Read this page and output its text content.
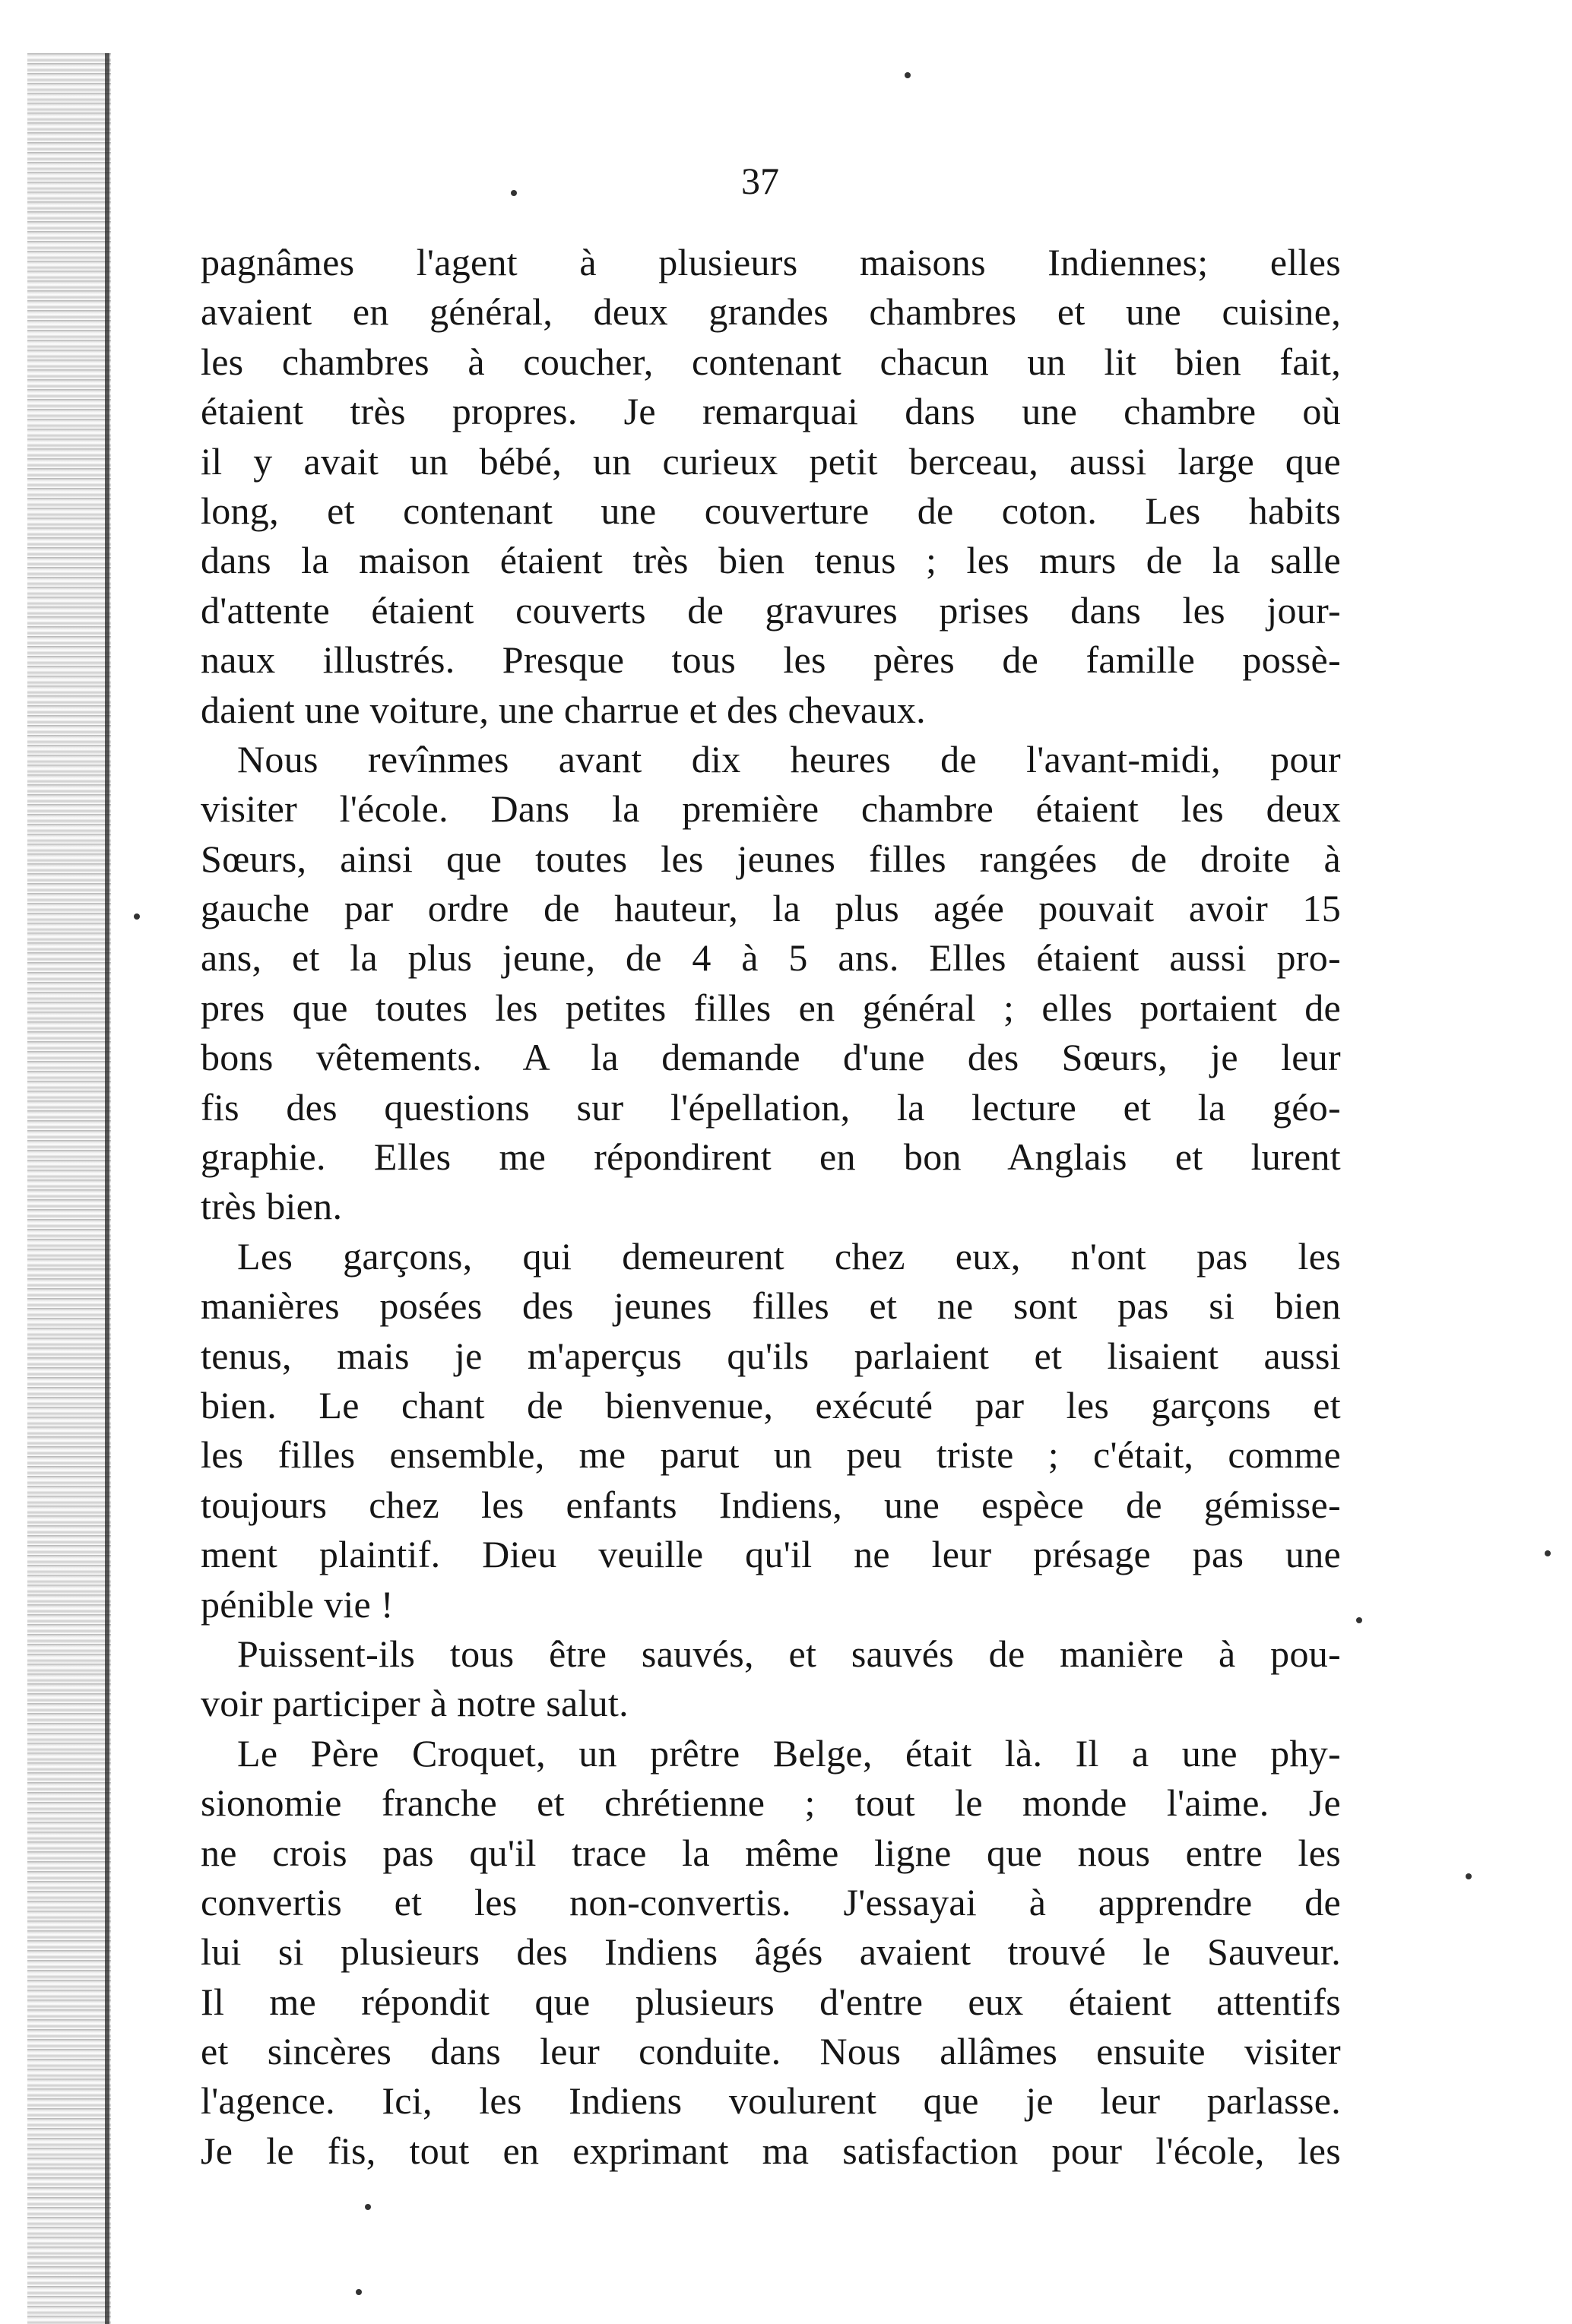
37
pagnâmes l'agent à plusieurs maisons Indiennes; elles
avaient en général, deux grandes chambres et une cuisine,
les chambres à coucher, contenant chacun un lit bien fait,
étaient très propres. Je remarquai dans une chambre où
il y avait un bébé, un curieux petit berceau, aussi large que
long, et contenant une couverture de coton. Les habits
dans la maison étaient très bien tenus ; les murs de la salle
d'attente étaient couverts de gravures prises dans les jour-
naux illustrés. Presque tous les pères de famille possè-
daient une voiture, une charrue et des chevaux.
Nous revînmes avant dix heures de l'avant-midi, pour
visiter l'école. Dans la première chambre étaient les deux
Sœurs, ainsi que toutes les jeunes filles rangées de droite à
gauche par ordre de hauteur, la plus agée pouvait avoir 15
ans, et la plus jeune, de 4 à 5 ans. Elles étaient aussi pro-
pres que toutes les petites filles en général ; elles portaient de
bons vêtements. A la demande d'une des Sœurs, je leur
fis des questions sur l'épellation, la lecture et la géo-
graphie. Elles me répondirent en bon Anglais et lurent
très bien.
Les garçons, qui demeurent chez eux, n'ont pas les
manières posées des jeunes filles et ne sont pas si bien
tenus, mais je m'aperçus qu'ils parlaient et lisaient aussi
bien. Le chant de bienvenue, exécuté par les garçons et
les filles ensemble, me parut un peu triste ; c'était, comme
toujours chez les enfants Indiens, une espèce de gémisse-
ment plaintif. Dieu veuille qu'il ne leur présage pas une
pénible vie !
Puissent-ils tous être sauvés, et sauvés de manière à pou-
voir participer à notre salut.
Le Père Croquet, un prêtre Belge, était là. Il a une phy-
sionomie franche et chrétienne ; tout le monde l'aime. Je
ne crois pas qu'il trace la même ligne que nous entre les
convertis et les non-convertis. J'essayai à apprendre de
lui si plusieurs des Indiens âgés avaient trouvé le Sauveur.
Il me répondit que plusieurs d'entre eux étaient attentifs
et sincères dans leur conduite. Nous allâmes ensuite visiter
l'agence. Ici, les Indiens voulurent que je leur parlasse.
Je le fis, tout en exprimant ma satisfaction pour l'école, les
